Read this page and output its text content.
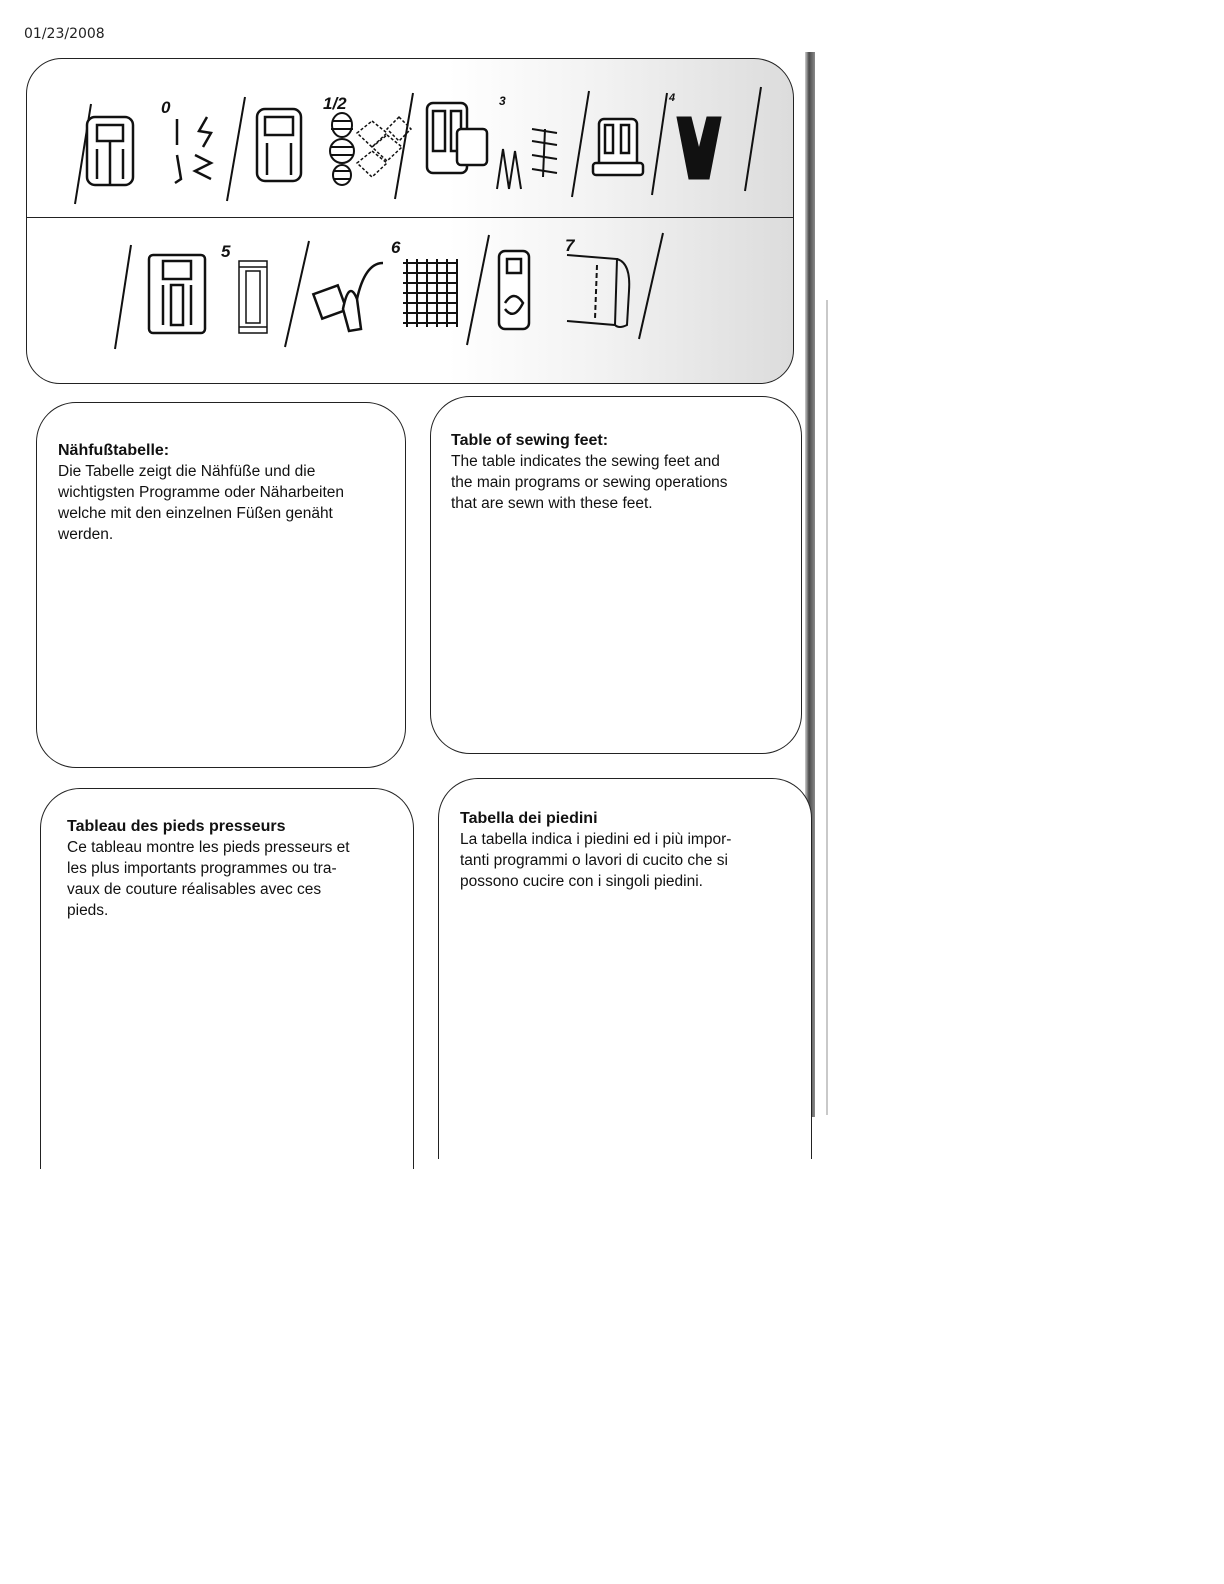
01/23/2008
0	1/2	3	4
5	6	7
Nähfußtabelle:
Die Tabelle zeigt die Nähfüße und die
wichtigsten Programme oder Näharbeiten
welche mit den einzelnen Füßen genäht
werden.
Table of sewing feet:
The table indicates the sewing feet and
the main programs or sewing operations
that are sewn with these feet.
Tableau des pieds presseurs
Ce tableau montre les pieds presseurs et
les plus importants programmes ou tra-
vaux de couture réalisables avec ces
pieds.
Tabella dei piedini
La tabella indica i piedini ed i più impor-
tanti programmi o lavori di cucito che si
possono cucire con i singoli piedini.
